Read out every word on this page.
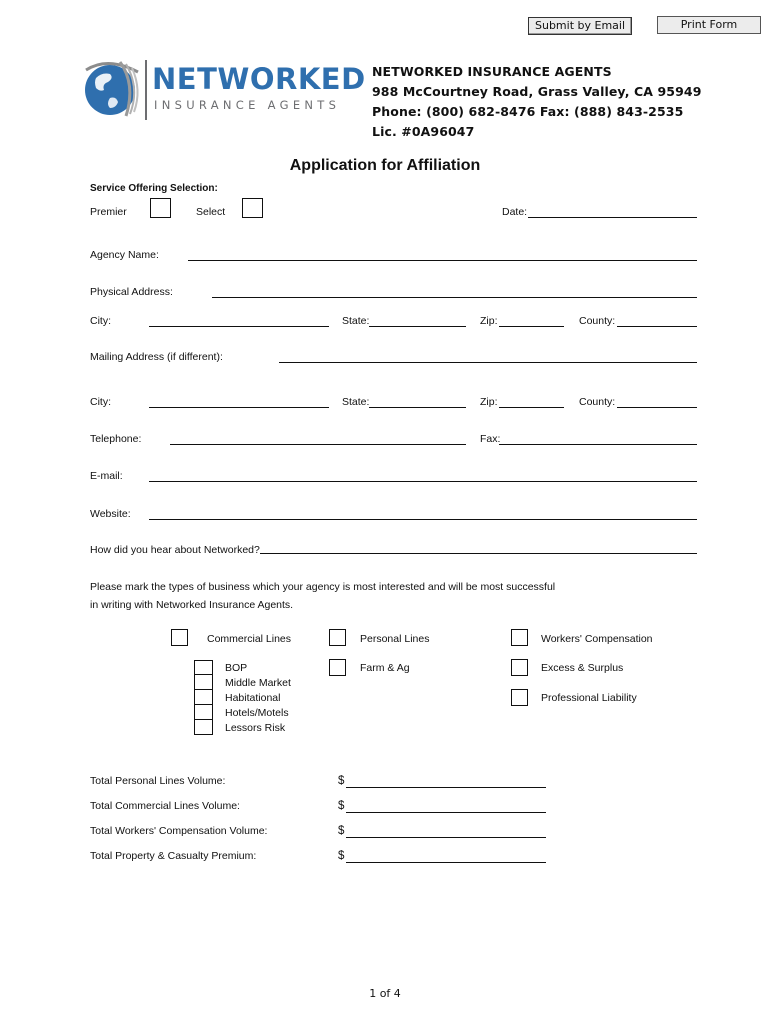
Submit by Email	Print Form
NETWORKED
INSURANCE AGENTS
NETWORKED INSURANCE AGENTS
988 McCourtney Road, Grass Valley, CA 95949
Phone: (800) 682-8476 Fax: (888) 843-2535
Lic. #0A96047
Application for Affiliation
Service Offering Selection:
Premier	Select	Date:
Agency Name:
Physical Address:
City:	State:	Zip:	County:
Mailing Address (if different):
City:	State:	Zip:	County:
Telephone:	Fax:
E-mail:
Website:
How did you hear about Networked?
Please mark the types of business which your agency is most interested and will be most successful
in writing with Networked Insurance Agents.
Commercial Lines	Personal Lines	Workers' Compensation
BOP
Middle Market
Habitational
Hotels/Motels
Lessors Risk
Farm & Ag	Excess & Surplus
Professional Liability
Total Personal Lines Volume:	$
Total Commercial Lines Volume:	$
Total Workers' Compensation Volume:	$
Total Property & Casualty Premium:	$
1 of 4
